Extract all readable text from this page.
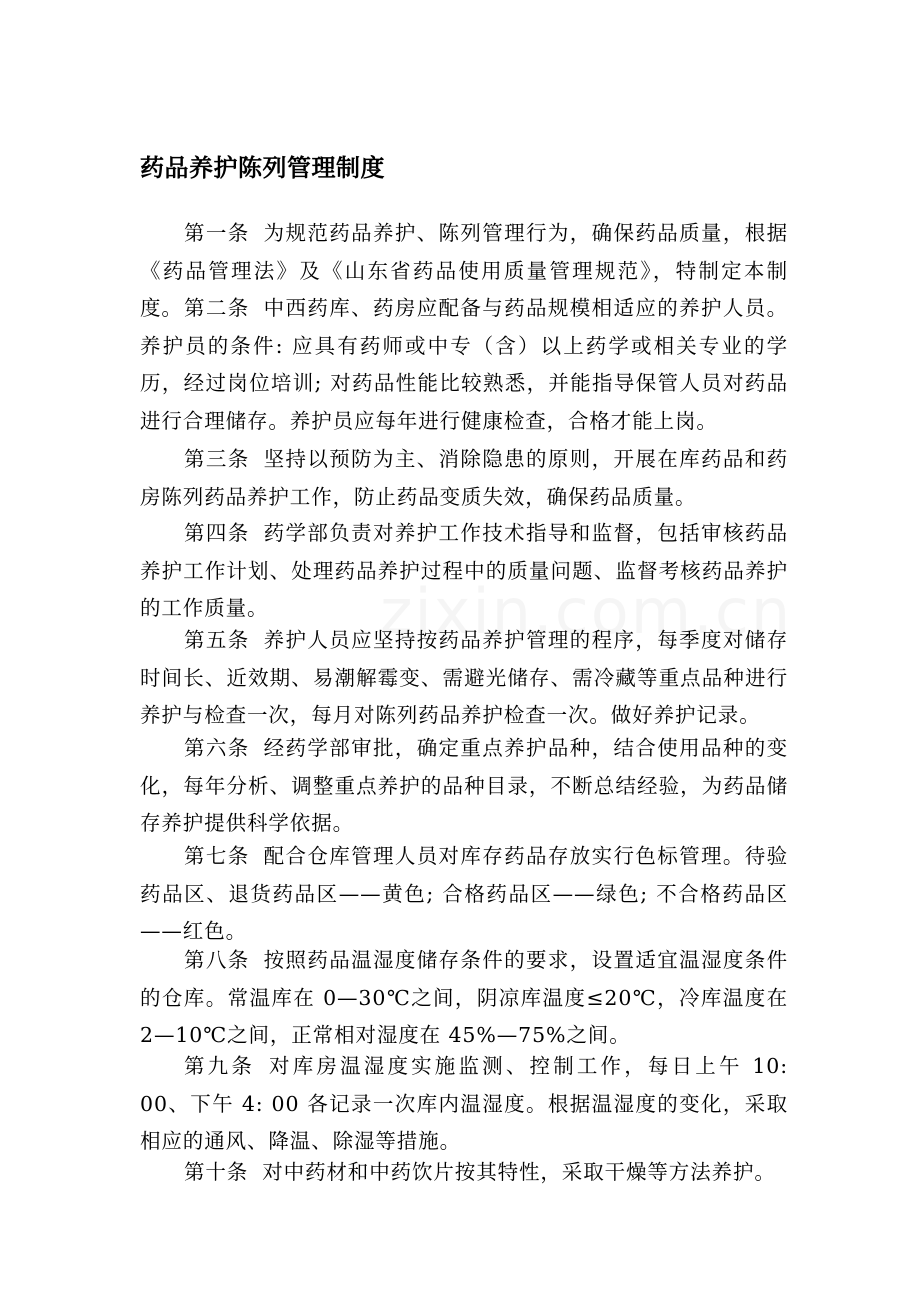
药品养护陈列管理制度

第一条 为规范药品养护、陈列管理行为，确保药品质量，根据《药品管理法》及《山东省药品使用质量管理规范》，特制定本制度。 第二条 中西药库、药房应配备与药品规模相适应的养护人员。养护员的条件: 应具有药师或中专（含）以上药学或相关专业的学历，经过岗位培训; 对药品性能比较熟悉，并能指导保管人员对药品进行合理储存。养护员应每年进行健康检查，合格才能上岗。

第三条 坚持以预防为主、消除隐患的原则，开展在库药品和药房陈列药品养护工作，防止药品变质失效，确保药品质量。

第四条 药学部负责对养护工作技术指导和监督，包括审核药品养护工作计划、处理药品养护过程中的质量问题、监督考核药品养护的工作质量。

第五条 养护人员应坚持按药品养护管理的程序，每季度对储存时间长、近效期、易潮解霉变、需避光储存、需冷藏等重点品种进行养护与检查一次，每月对陈列药品养护检查一次。做好养护记录。

第六条 经药学部审批，确定重点养护品种，结合使用品种的变化，每年分析、调整重点养护的品种目录，不断总结经验，为药品储存养护提供科学依据。

第七条 配合仓库管理人员对库存药品存放实行色标管理。待验药品区、退货药品区——黄色; 合格药品区——绿色; 不合格药品区——红色。

第八条 按照药品温湿度储存条件的要求，设置适宜温湿度条件的仓库。常温库在 0—30℃之间，阴凉库温度≤20℃，冷库温度在 2—10℃之间，正常相对湿度在 45%—75%之间。

第九条 对库房温湿度实施监测、控制工作，每日上午 10: 00、下午 4: 00 各记录一次库内温湿度。根据温湿度的变化，采取相应的通风、降温、除湿等措施。

第十条 对中药材和中药饮片按其特性，采取干燥等方法养护。
